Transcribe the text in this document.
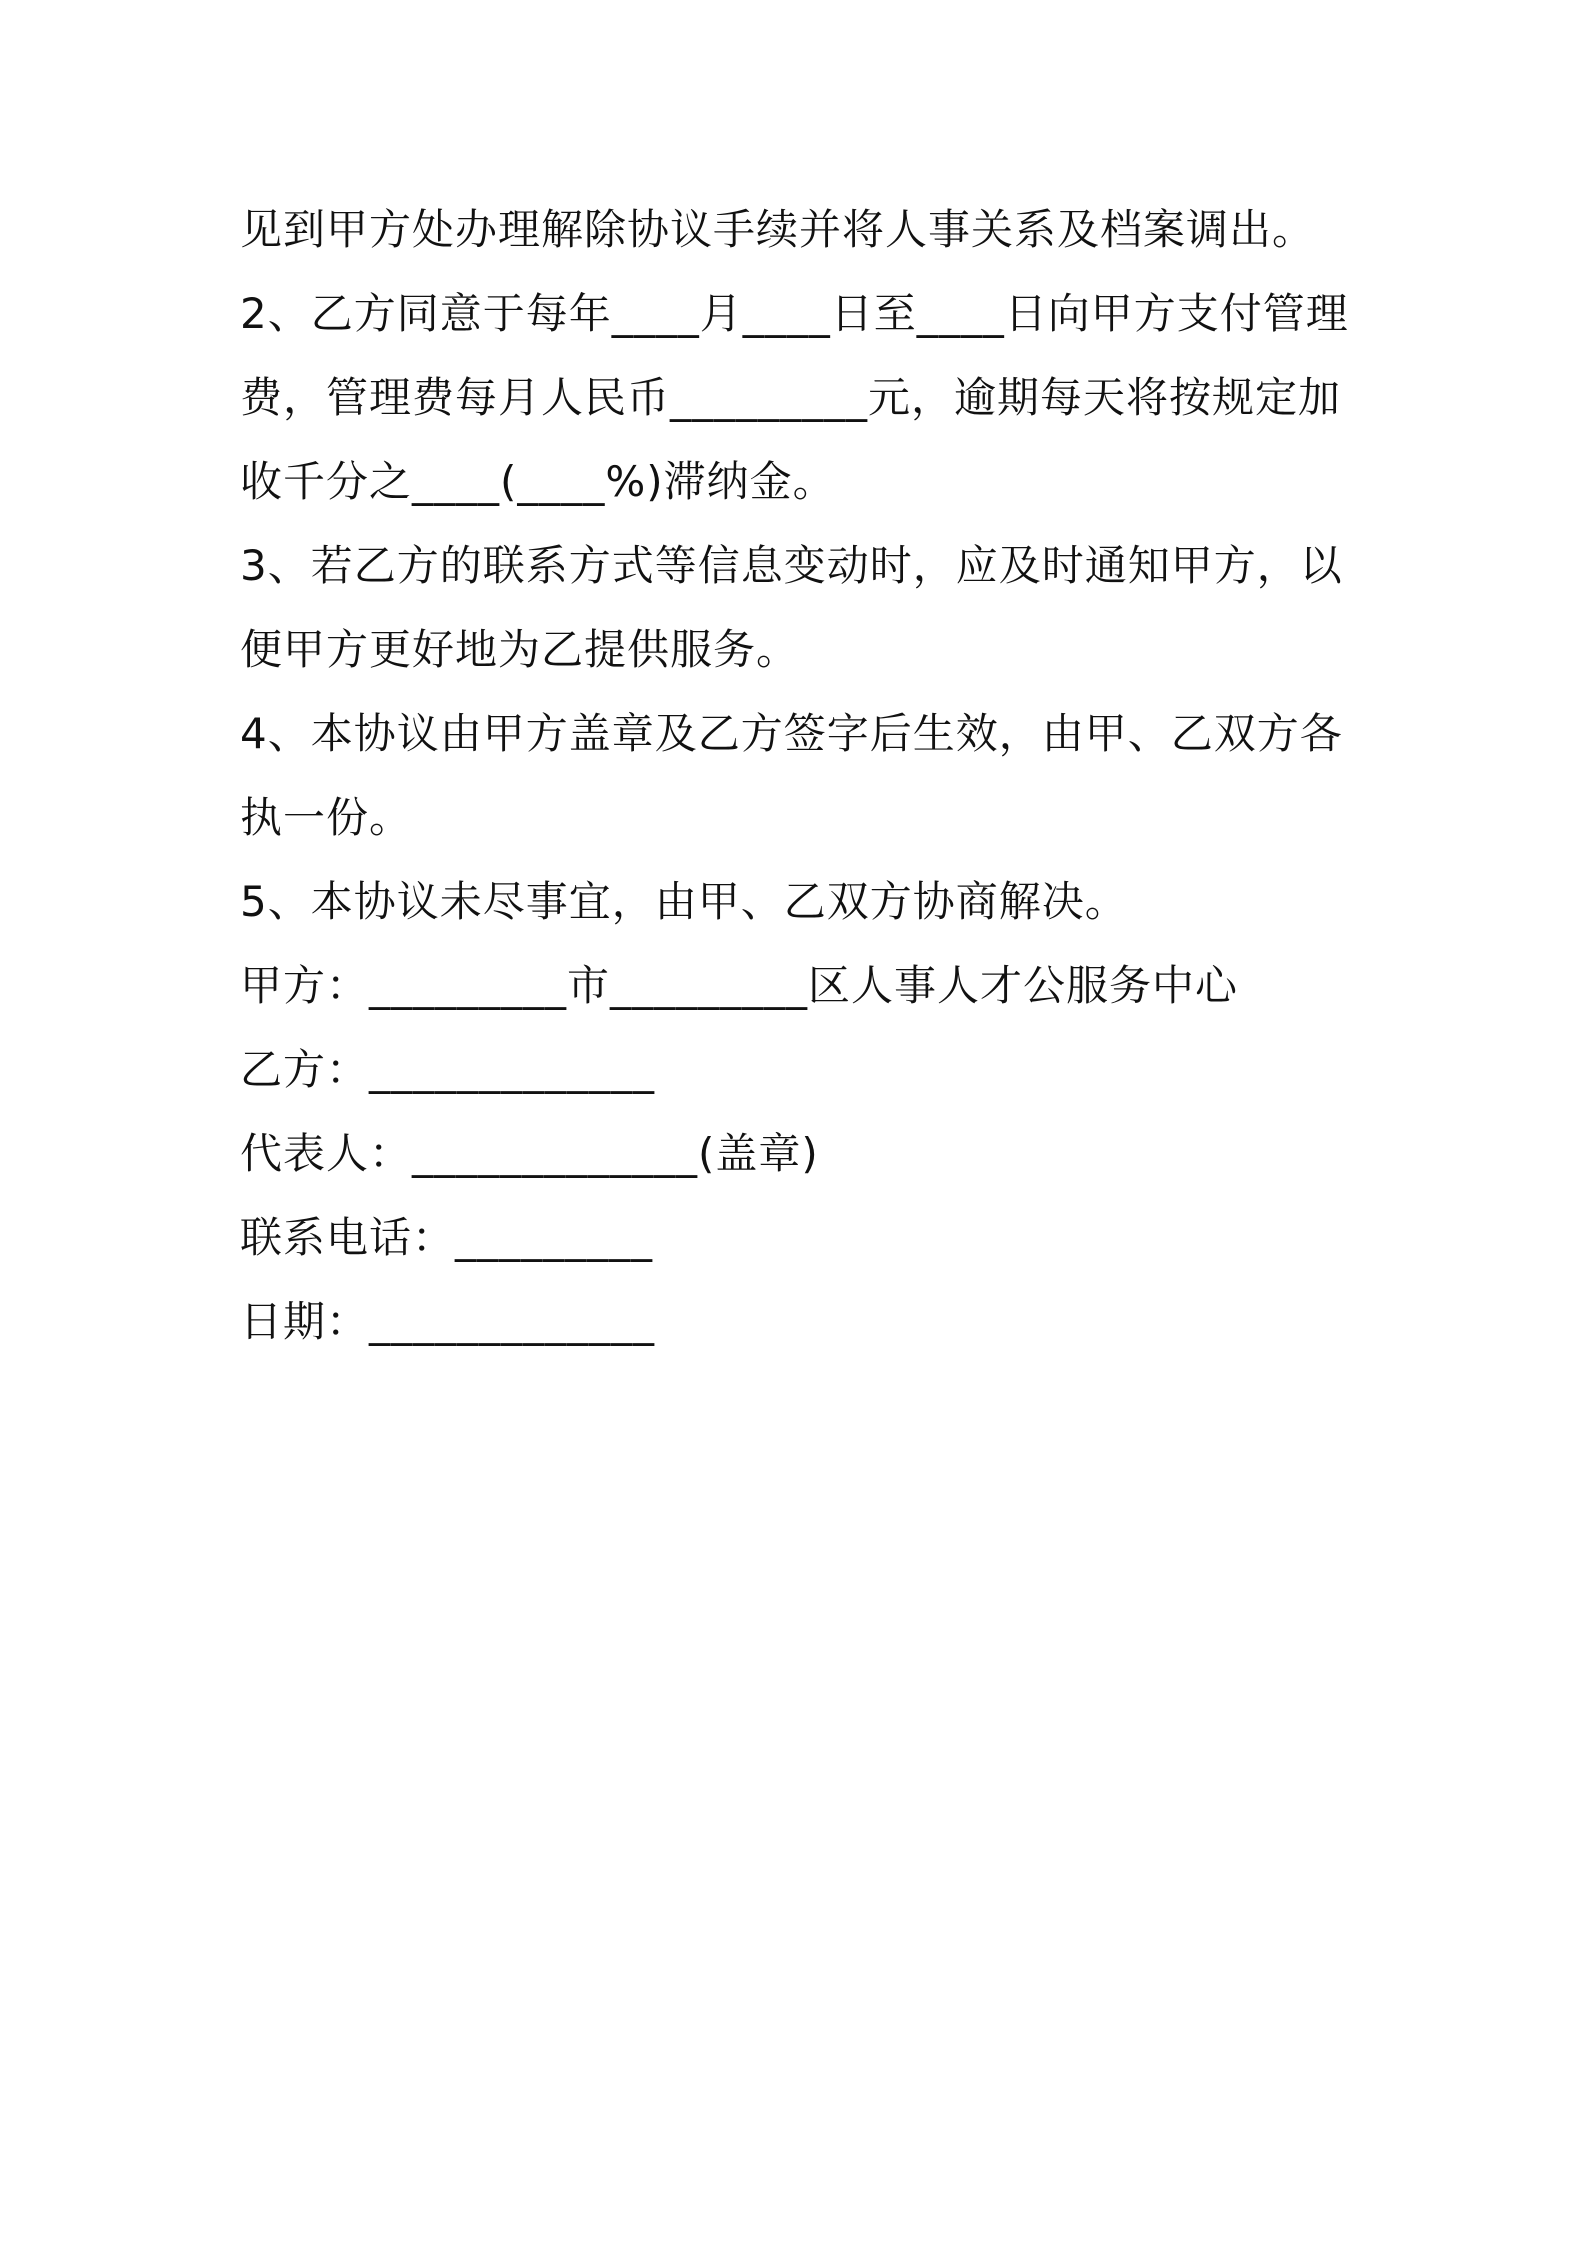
见到甲方处办理解除协议手续并将人事关系及档案调出。
2、乙方同意于每年____月____日至____日向甲方支付管理
费，管理费每月人民币_________元，逾期每天将按规定加
收千分之____(____%)滞纳金。
3、若乙方的联系方式等信息变动时，应及时通知甲方，以
便甲方更好地为乙提供服务。
4、本协议由甲方盖章及乙方签字后生效，由甲、乙双方各
执一份。
5、本协议未尽事宜，由甲、乙双方协商解决。
甲方：_________市_________区人事人才公服务中心
乙方：_____________
代表人：_____________(盖章)
联系电话：_________
日期：_____________
